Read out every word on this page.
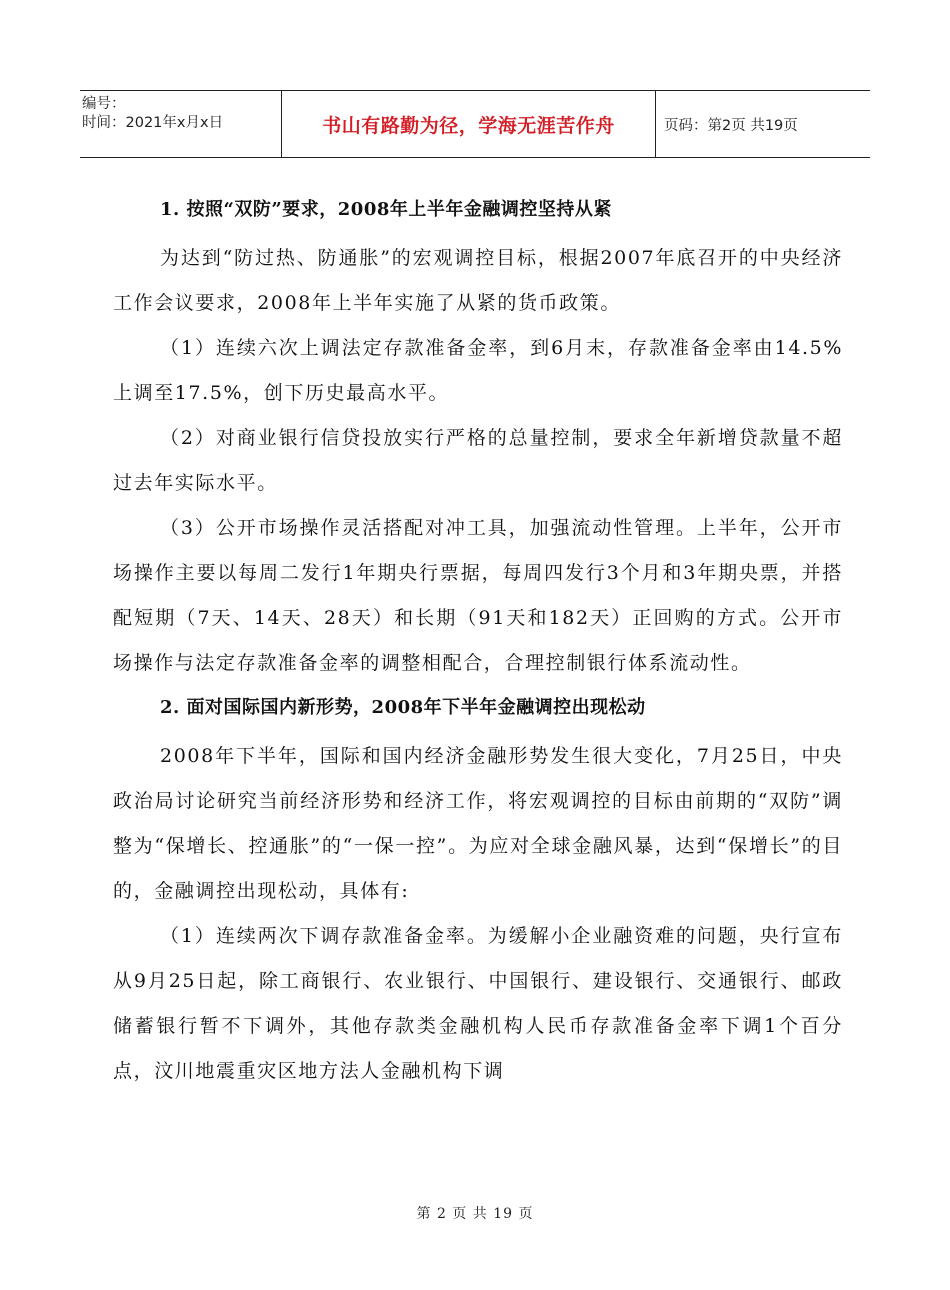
编号：
时间：2021年x月x日	书山有路勤为径，学海无涯苦作舟	页码：第2页 共19页
1. 按照“双防”要求，2008年上半年金融调控坚持从紧

为达到“防过热、防通胀”的宏观调控目标，根据2007年底召开的中央经济工作会议要求，2008年上半年实施了从紧的货币政策。

（1）连续六次上调法定存款准备金率，到6月末，存款准备金率由14.5%上调至17.5%，创下历史最高水平。

（2）对商业银行信贷投放实行严格的总量控制，要求全年新增贷款量不超过去年实际水平。

（3）公开市场操作灵活搭配对冲工具，加强流动性管理。上半年，公开市场操作主要以每周二发行1年期央行票据，每周四发行3个月和3年期央票，并搭配短期（7天、14天、28天）和长期（91天和182天）正回购的方式。公开市场操作与法定存款准备金率的调整相配合，合理控制银行体系流动性。

2. 面对国际国内新形势，2008年下半年金融调控出现松动

2008年下半年，国际和国内经济金融形势发生很大变化，7月25日，中央政治局讨论研究当前经济形势和经济工作，将宏观调控的目标由前期的“双防”调整为“保增长、控通胀”的“一保一控”。为应对全球金融风暴，达到“保增长”的目的，金融调控出现松动，具体有:

（1）连续两次下调存款准备金率。为缓解小企业融资难的问题，央行宣布从9月25日起，除工商银行、农业银行、中国银行、建设银行、交通银行、邮政储蓄银行暂不下调外，其他存款类金融机构人民币存款准备金率下调1个百分点，汶川地震重灾区地方法人金融机构下调

第 2 页 共 19 页
